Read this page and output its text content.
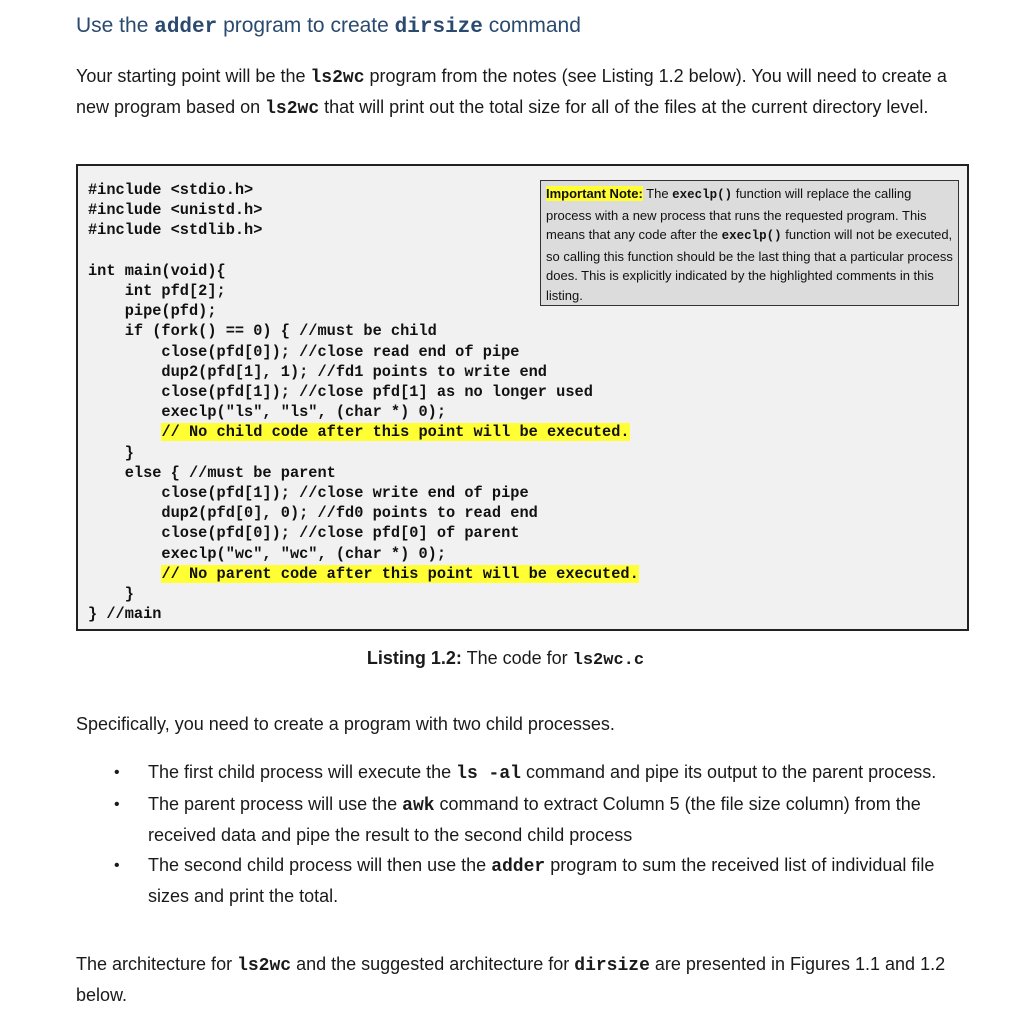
Use the adder program to create dirsize command
Your starting point will be the ls2wc program from the notes (see Listing 1.2 below). You will need to create a new program based on ls2wc that will print out the total size for all of the files at the current directory level.
#include <stdio.h>
#include <unistd.h>
#include <stdlib.h>

int main(void){
int pfd[2];
pipe(pfd);
if (fork() == 0) { //must be child
close(pfd[0]); //close read end of pipe
dup2(pfd[1], 1); //fd1 points to write end
close(pfd[1]); //close pfd[1] as no longer used
execlp("ls", "ls", (char *) 0);
// No child code after this point will be executed.
}
else { //must be parent
close(pfd[1]); //close write end of pipe
dup2(pfd[0], 0); //fd0 points to read end
close(pfd[0]); //close pfd[0] of parent
execlp("wc", "wc", (char *) 0);
// No parent code after this point will be executed.
}
} //main
Important Note: The execlp() function will replace the calling process with a new process that runs the requested program. This means that any code after the execlp() function will not be executed, so calling this function should be the last thing that a particular process does. This is explicitly indicated by the highlighted comments in this listing.
Listing 1.2: The code for ls2wc.c
Specifically, you need to create a program with two child processes.
• The first child process will execute the ls -al command and pipe its output to the parent process.
• The parent process will use the awk command to extract Column 5 (the file size column) from the received data and pipe the result to the second child process
• The second child process will then use the adder program to sum the received list of individual file sizes and print the total.
The architecture for ls2wc and the suggested architecture for dirsize are presented in Figures 1.1 and 1.2 below.
